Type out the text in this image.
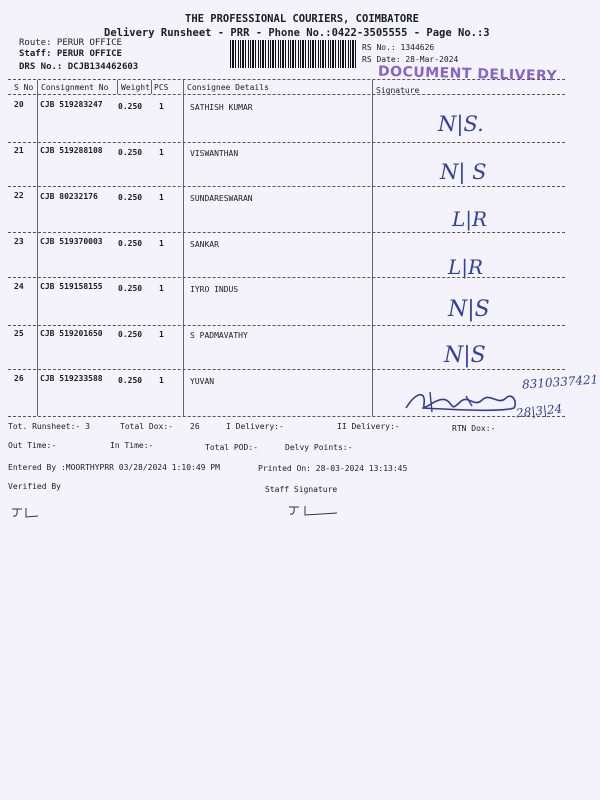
THE PROFESSIONAL COURIERS, COIMBATORE
Delivery Runsheet - PRR - Phone No.:0422-3505555 - Page No.:3
Route: PERUR OFFICE
Staff: PERUR OFFICE
DRS No.: DCJB134462603
RS No.: 1344626
RS Date: 28-Mar-2024
DOCUMENT DELIVERY
S No Consignment No Weight PCS Consignee Details	Signature
20 CJB 519283247 0.250 1	SATHISH KUMAR
N|S.
21 CJB 519288108 0.250 1	VISWANTHAN
N| S
22 CJB 80232176	0.250 1	SUNDARESWARAN
L|R
23 CJB 519370003 0.250 1	SANKAR
L|R
24 CJB 519158155 0.250 1	IYRO INDUS
N|S
25 CJB 519201650 0.250 1	S PADMAVATHY
N|S
26 CJB 519233588 0.250 1	YUVAN	8310337421
28|3|24
Tot. Runsheet:- 3	Total Dox:- 26	I Delivery:-	II Delivery:-	RTN Dox:-
Out Time:-	In Time:-	Total POD:-	Delvy Points:-
Entered By :MOORTHYPRR 03/28/2024 1:10:49 PM	Printed On: 28-03-2024 13:13:45
Verified By	Staff Signature
